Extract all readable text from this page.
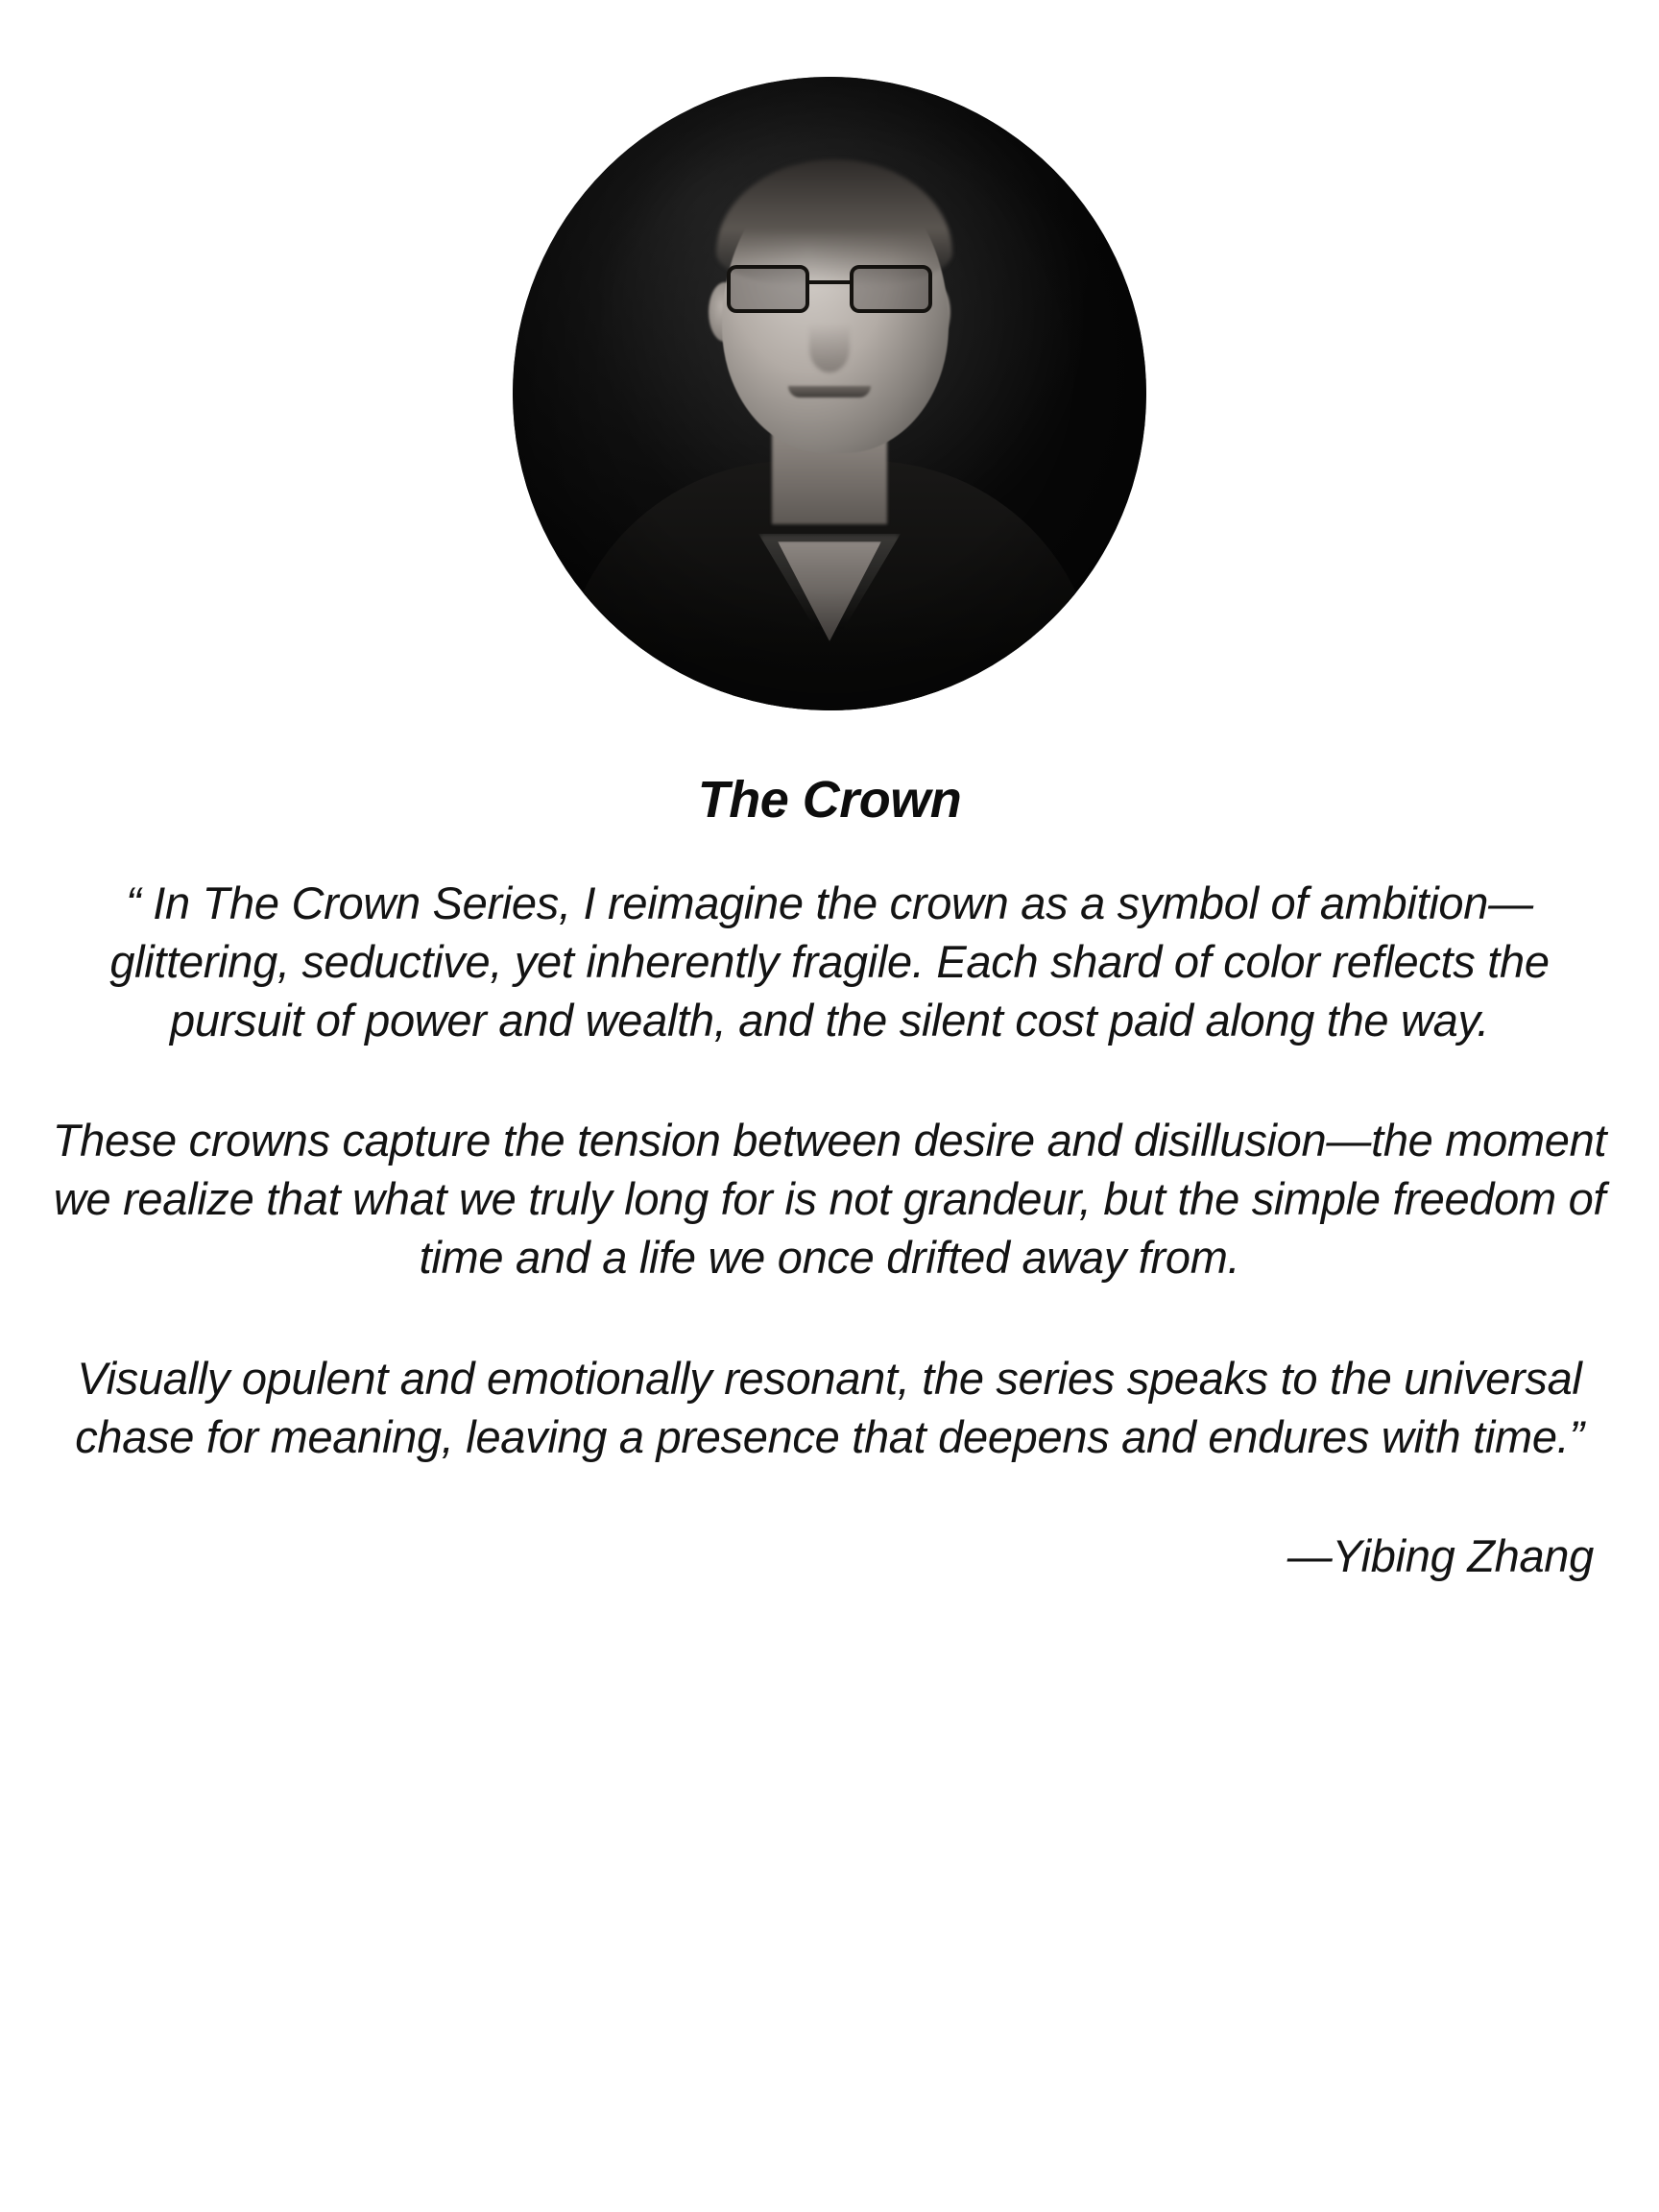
The Crown
“ In The Crown Series, I reimagine the crown as a symbol of ambition—glittering, seductive, yet inherently fragile. Each shard of color reflects the pursuit of power and wealth, and the silent cost paid along the way.
These crowns capture the tension between desire and disillusion—the moment we realize that what we truly long for is not grandeur, but the simple freedom of time and a life we once drifted away from.
Visually opulent and emotionally resonant, the series speaks to the universal chase for meaning, leaving a presence that deepens and endures with time.”
—Yibing Zhang
